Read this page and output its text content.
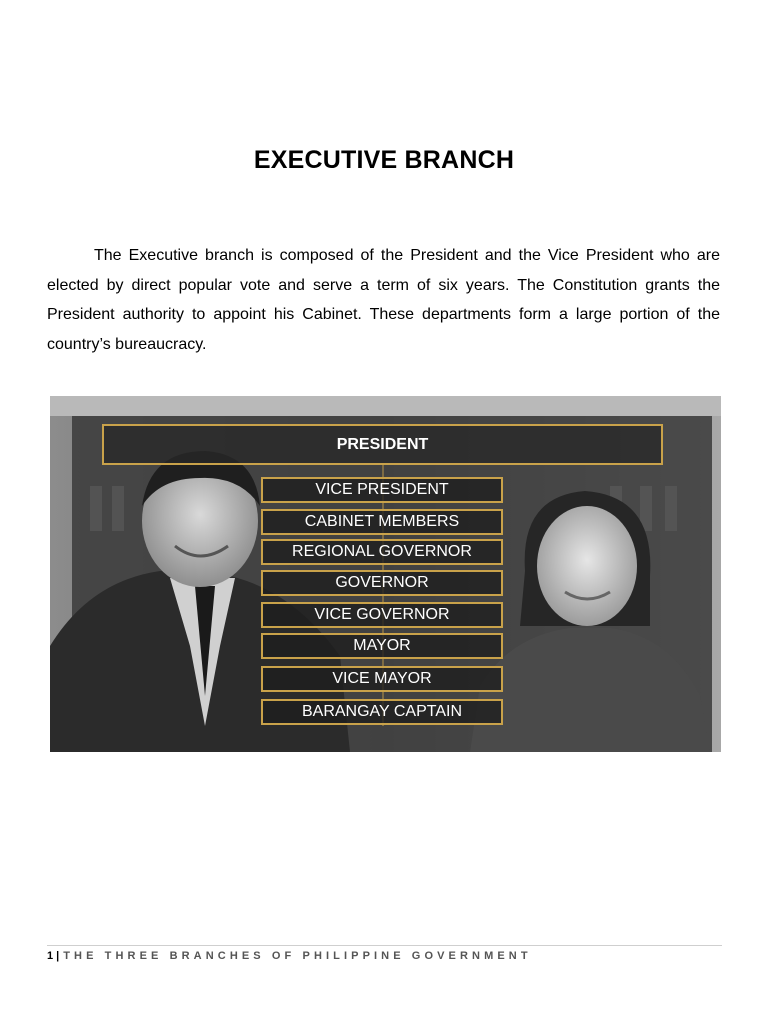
EXECUTIVE BRANCH

The Executive branch is composed of the President and the Vice President who are elected by direct popular vote and serve a term of six years. The Constitution grants the President authority to appoint his Cabinet. These departments form a large portion of the country’s bureaucracy.

PRESIDENT
VICE PRESIDENT
CABINET MEMBERS
REGIONAL GOVERNOR
GOVERNOR
VICE GOVERNOR
MAYOR
VICE MAYOR
BARANGAY CAPTAIN
1 | THE THREE BRANCHES OF PHILIPPINE GOVERNMENT
